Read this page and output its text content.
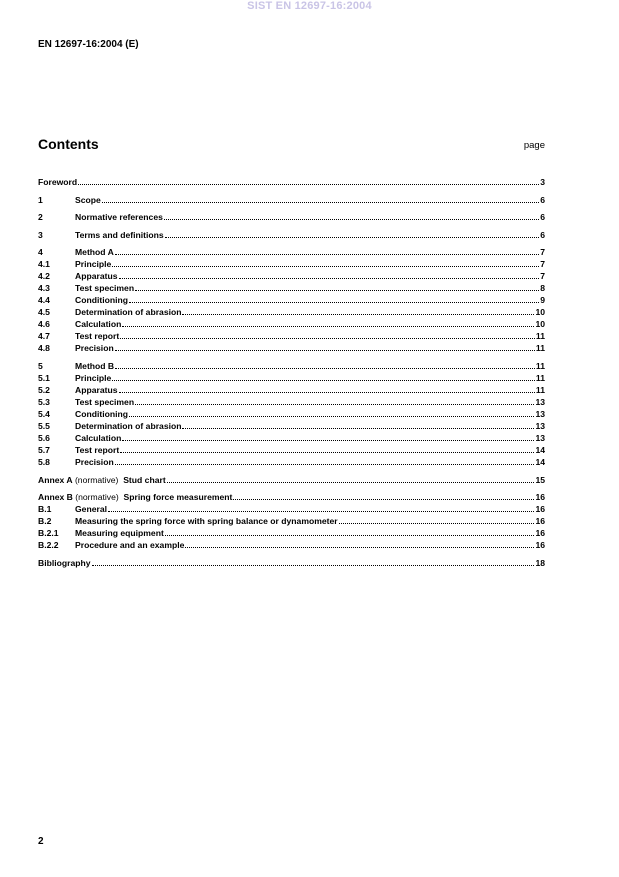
SIST EN 12697-16:2004
EN 12697-16:2004 (E)
Contents	page
Foreword	3
1	Scope	6
2	Normative references	6
3	Terms and definitions	6
4	Method A	7
4.1	Principle	7
4.2	Apparatus	7
4.3	Test specimen	8
4.4	Conditioning	9
4.5	Determination of abrasion	10
4.6	Calculation	10
4.7	Test report	11
4.8	Precision	11
5	Method B	11
5.1	Principle	11
5.2	Apparatus	11
5.3	Test specimen	13
5.4	Conditioning	13
5.5	Determination of abrasion	13
5.6	Calculation	13
5.7	Test report	14
5.8	Precision	14
Annex A (normative) Stud chart	15
Annex B (normative) Spring force measurement	16
B.1	General	16
B.2	Measuring the spring force with spring balance or dynamometer	16
B.2.1	Measuring equipment	16
B.2.2	Procedure and an example	16
Bibliography	18
2
